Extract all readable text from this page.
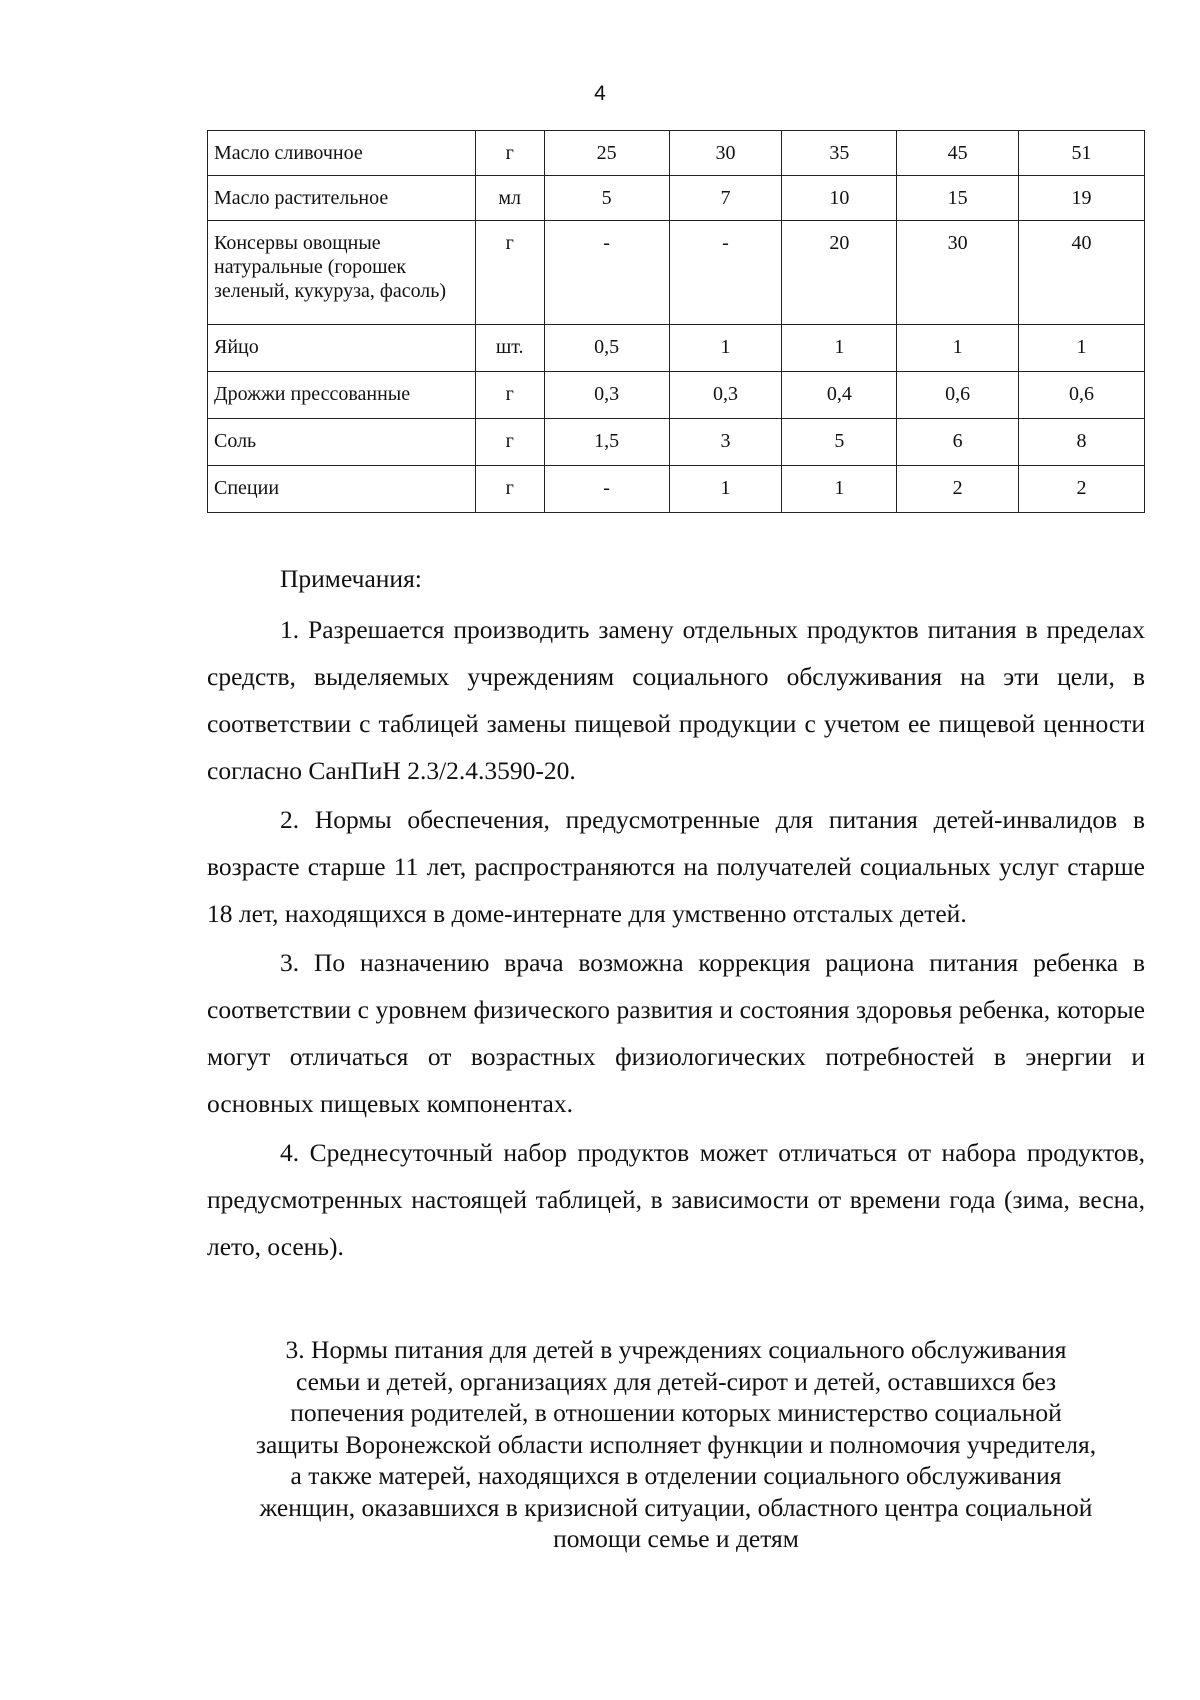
4
Масло сливочное	г	25	30	35	45	51
Масло растительное	мл	5	7	10	15	19
Консервы овощные натуральные (горошек зеленый, кукуруза, фасоль)	г	-	-	20	30	40
Яйцо	шт.	0,5	1	1	1	1
Дрожжи прессованные	г	0,3	0,3	0,4	0,6	0,6
Соль	г	1,5	3	5	6	8
Специи	г	-	1	1	2	2

Примечания:

1. Разрешается производить замену отдельных продуктов питания в пределах средств, выделяемых учреждениям социального обслуживания на эти цели, в соответствии с таблицей замены пищевой продукции с учетом ее пищевой ценности согласно СанПиН 2.3/2.4.3590-20.

2. Нормы обеспечения, предусмотренные для питания детей-инвалидов в возрасте старше 11 лет, распространяются на получателей социальных услуг старше 18 лет, находящихся в доме-интернате для умственно отсталых детей.

3. По назначению врача возможна коррекция рациона питания ребенка в соответствии с уровнем физического развития и состояния здоровья ребенка, которые могут отличаться от возрастных физиологических потребностей в энергии и основных пищевых компонентах.

4. Среднесуточный набор продуктов может отличаться от набора продуктов, предусмотренных настоящей таблицей, в зависимости от времени года (зима, весна, лето, осень).

3. Нормы питания для детей в учреждениях социального обслуживания
семьи и детей, организациях для детей-сирот и детей, оставшихся без
попечения родителей, в отношении которых министерство социальной
защиты Воронежской области исполняет функции и полномочия учредителя,
а также матерей, находящихся в отделении социального обслуживания
женщин, оказавшихся в кризисной ситуации, областного центра социальной
помощи семье и детям
